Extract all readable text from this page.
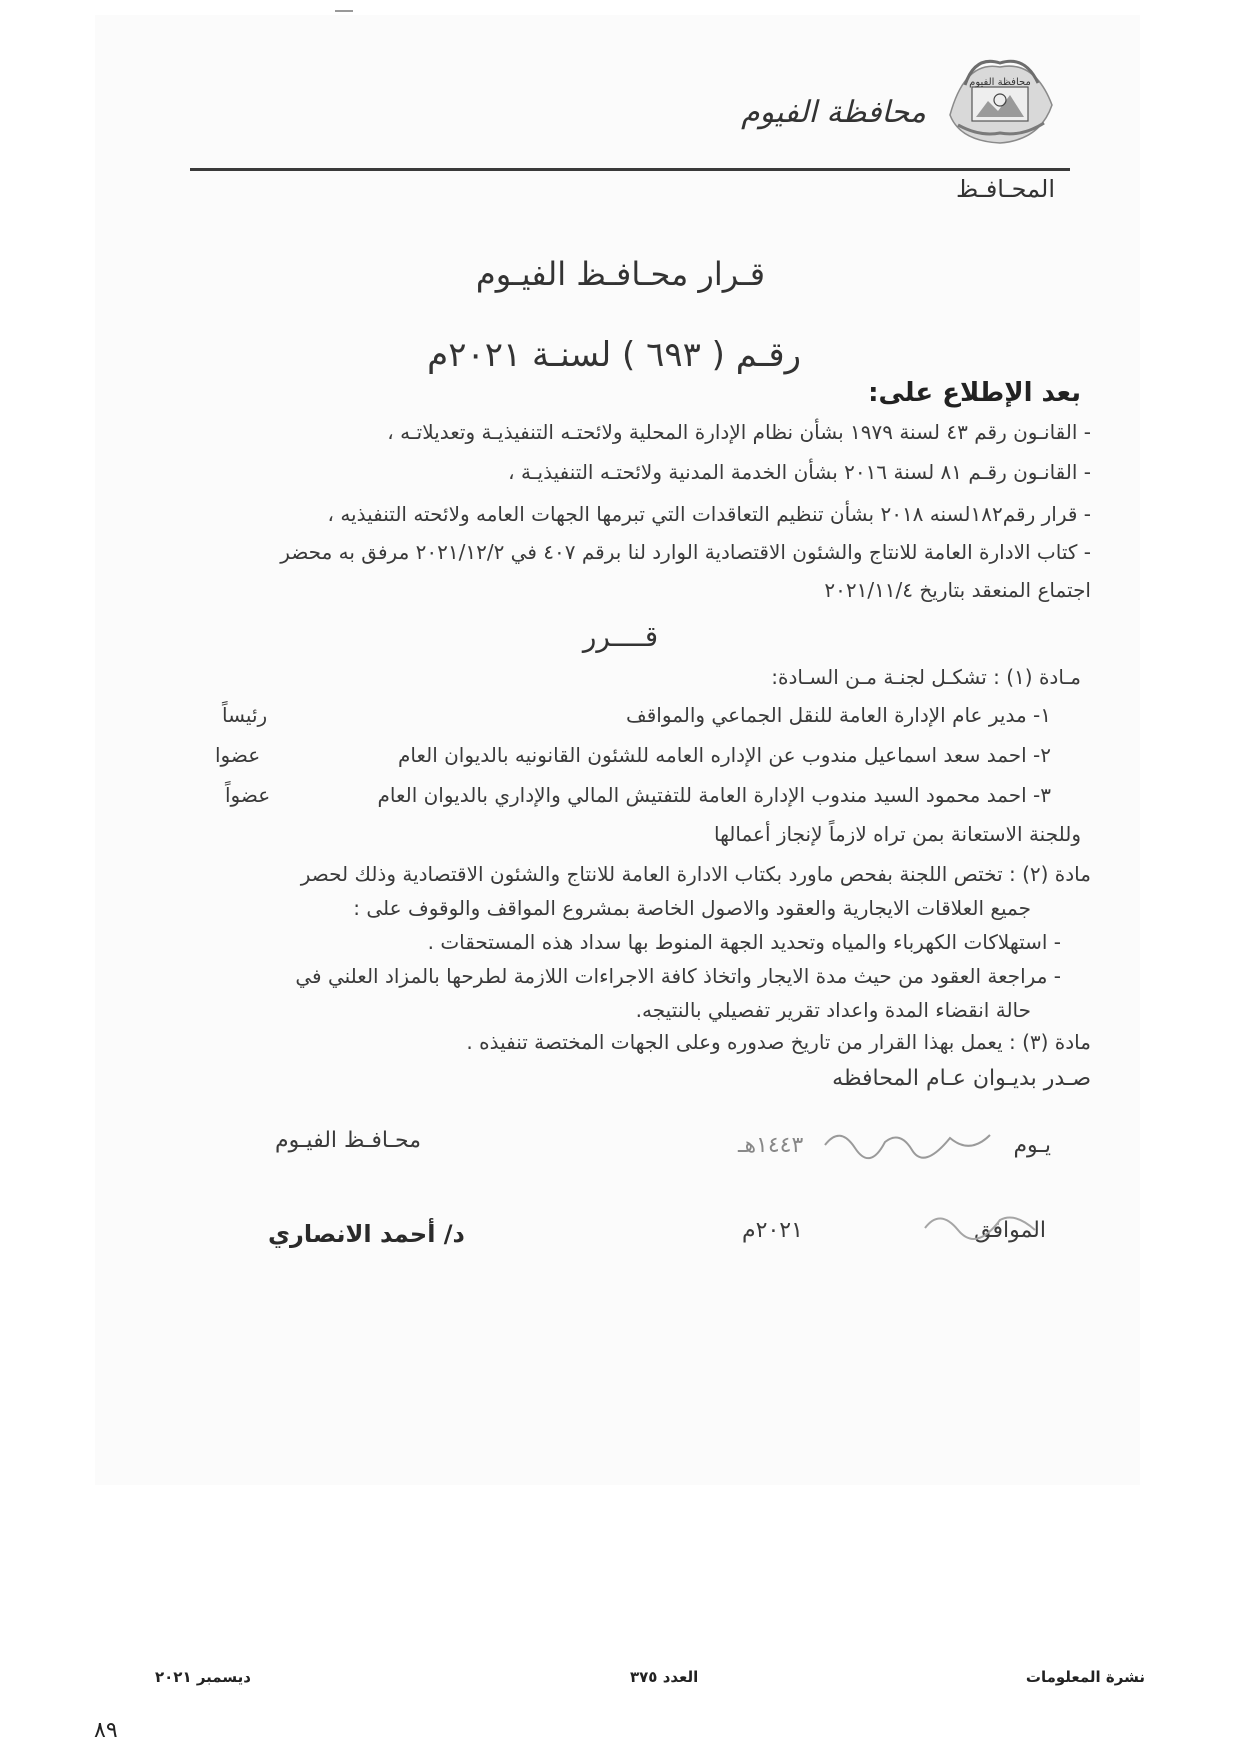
محافظة الفيوم
محافظة الفيوم
المحـافـظ
قـرار محـافـظ الفيـوم
رقـم ( ٦٩٣ ) لسنـة ٢٠٢١م
بعد الإطلاع على:
- القانـون رقم ٤٣ لسنة ١٩٧٩ بشأن نظام الإدارة المحلية ولائحتـه التنفيذيـة وتعديلاتـه ،
- القانـون رقـم ٨١ لسنة ٢٠١٦ بشأن الخدمة المدنية ولائحتـه التنفيذيـة ،
- قرار رقم١٨٢لسنه ٢٠١٨ بشأن تنظيم التعاقدات التي تبرمها الجهات العامه ولائحته التنفيذيه ،
- كتاب الادارة العامة للانتاج والشئون الاقتصادية الوارد لنا برقم ٤٠٧ في ٢٠٢١/١٢/٢ مرفق به محضر
اجتماع المنعقد بتاريخ ٢٠٢١/١١/٤
قــــرر
مـادة (١) : تشكـل لجنـة مـن السـادة:
١- مدير عام الإدارة العامة للنقل الجماعي والمواقف
رئيساً
٢- احمد سعد اسماعيل مندوب عن الإداره العامه للشئون القانونيه بالديوان العام
عضوا
٣- احمد محمود السيد مندوب الإدارة العامة للتفتيش المالي والإداري بالديوان العام
عضواً
وللجنة الاستعانة بمن تراه لازماً لإنجاز أعمالها
مادة (٢) : تختص اللجنة بفحص ماورد بكتاب الادارة العامة للانتاج والشئون الاقتصادية وذلك لحصر
جميع العلاقات الايجارية والعقود والاصول الخاصة بمشروع المواقف والوقوف على :
- استهلاكات الكهرباء والمياه وتحديد الجهة المنوط بها سداد هذه المستحقات .
- مراجعة العقود من حيث مدة الايجار واتخاذ كافة الاجراءات اللازمة لطرحها بالمزاد العلني في
حالة انقضاء المدة واعداد تقرير تفصيلي بالنتيجه.
مادة (٣) : يعمل بهذا القرار من تاريخ صدوره وعلى الجهات المختصة تنفيذه .
صـدر بديـوان عـام المحافظه
يـوم
١٤٤٣هـ
الموافق
٢٠٢١م
محـافـظ الفيـوم
د/ أحمد الانصاري
نشرة المعلومات
العدد ٣٧٥
ديسمبر ٢٠٢١
٨٩
